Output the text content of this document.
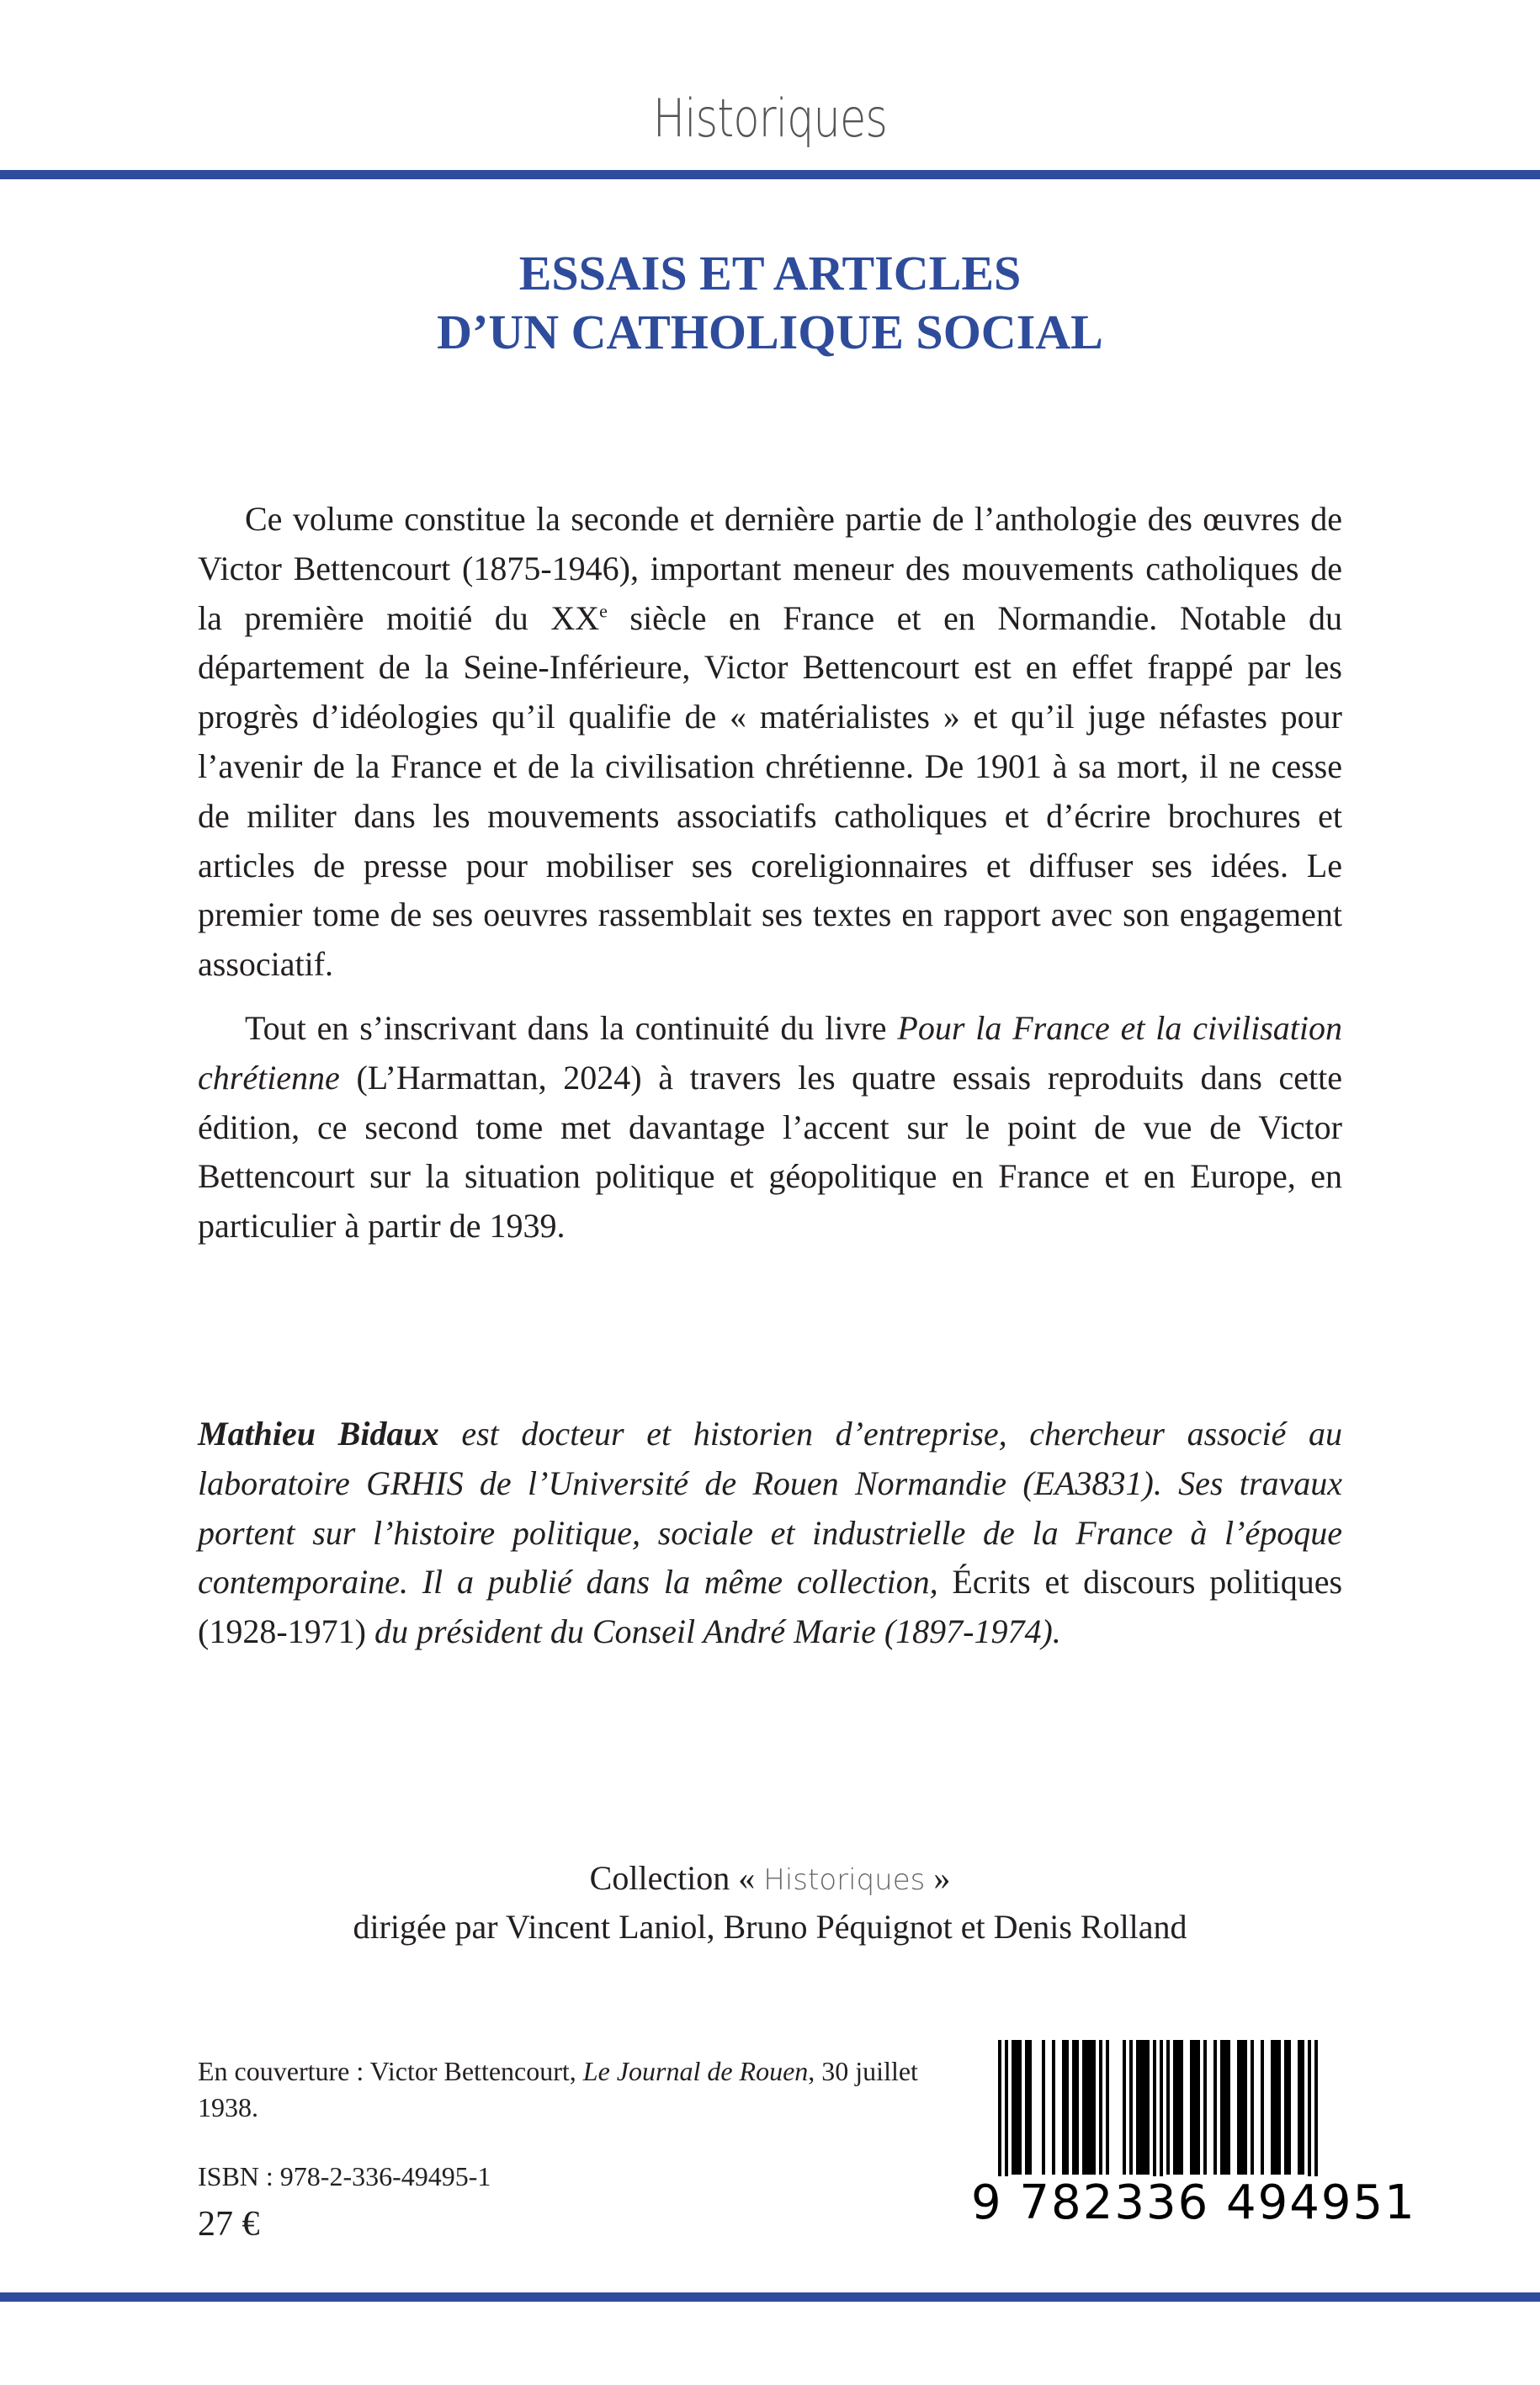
Historiques
ESSAIS ET ARTICLES
D’UN CATHOLIQUE SOCIAL

Ce volume constitue la seconde et dernière partie de l’anthologie des œuvres de Victor Bettencourt (1875-1946), important meneur des mouvements catholiques de la première moitié du XXe siècle en France et en Normandie. Notable du département de la Seine-Inférieure, Victor Bettencourt est en effet frappé par les progrès d’idéologies qu’il qualifie de « matérialistes » et qu’il juge néfastes pour l’avenir de la France et de la civilisation chrétienne. De 1901 à sa mort, il ne cesse de militer dans les mouvements associatifs catholiques et d’écrire brochures et articles de presse pour mobiliser ses coreligionnaires et diffuser ses idées. Le premier tome de ses oeuvres rassemblait ses textes en rapport avec son engagement associatif.

Tout en s’inscrivant dans la continuité du livre Pour la France et la civilisation chrétienne (L’Harmattan, 2024) à travers les quatre essais reproduits dans cette édition, ce second tome met davantage l’accent sur le point de vue de Victor Bettencourt sur la situation politique et géopolitique en France et en Europe, en particulier à partir de 1939.

Mathieu Bidaux est docteur et historien d’entreprise, chercheur associé au laboratoire GRHIS de l’Université de Rouen Normandie (EA3831). Ses travaux portent sur l’histoire politique, sociale et industrielle de la France à l’époque contemporaine. Il a publié dans la même collection, Écrits et discours politiques (1928-1971) du président du Conseil André Marie (1897-1974).

Collection « Historiques »
dirigée par Vincent Laniol, Bruno Péquignot et Denis Rolland
En couverture : Victor Bettencourt, Le Journal de Rouen, 30 juillet 1938.
ISBN : 978-2-336-49495-1
27 €	9 782336 494951
